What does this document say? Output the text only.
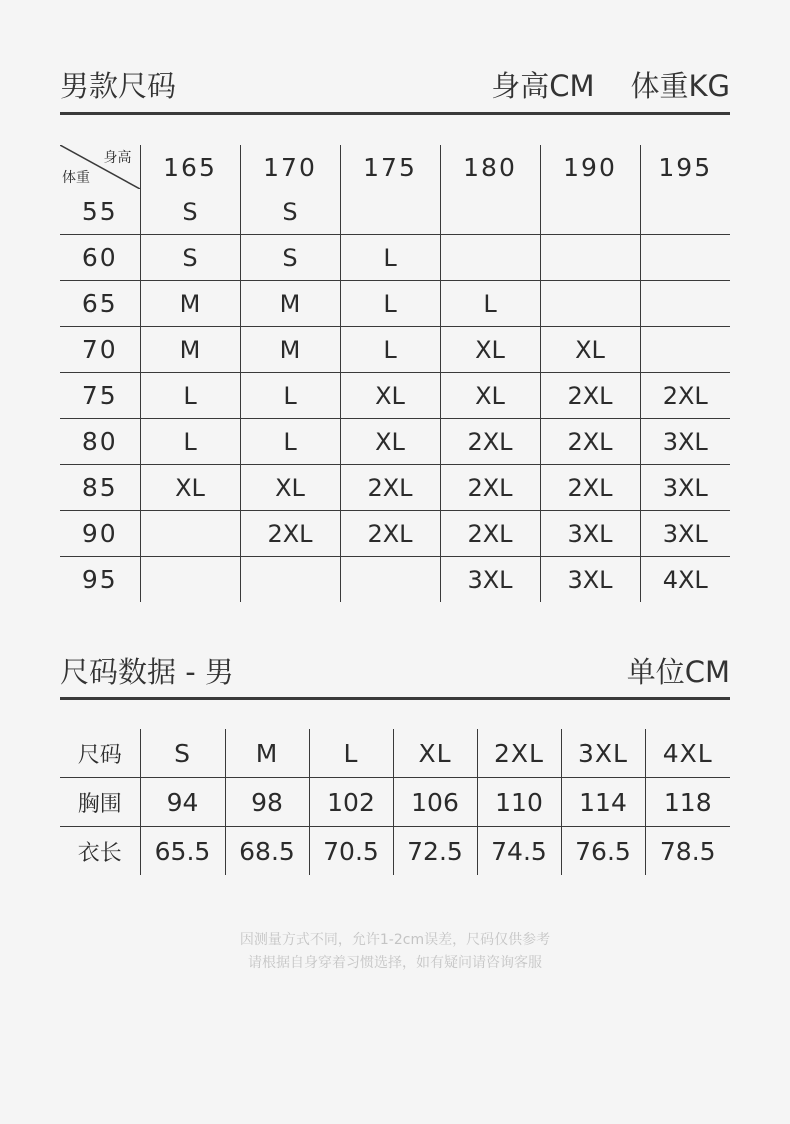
男款尺码	身高CM 体重KG
身高
体重	165	170	175	180	190	195
55	S	S				
60	S	S	L			
65	M	M	L	L		
70	M	M	L	XL	XL	
75	L	L	XL	XL	2XL	2XL
80	L	L	XL	2XL	2XL	3XL
85	XL	XL	2XL	2XL	2XL	3XL
90		2XL	2XL	2XL	3XL	3XL
95				3XL	3XL	4XL
尺码数据 - 男	单位CM
尺码	S	M	L	XL	2XL	3XL	4XL
胸围	94	98	102	106	110	114	118
衣长	65.5	68.5	70.5	72.5	74.5	76.5	78.5
因测量方式不同，允许1-2cm误差，尺码仅供参考
请根据自身穿着习惯选择，如有疑问请咨询客服
